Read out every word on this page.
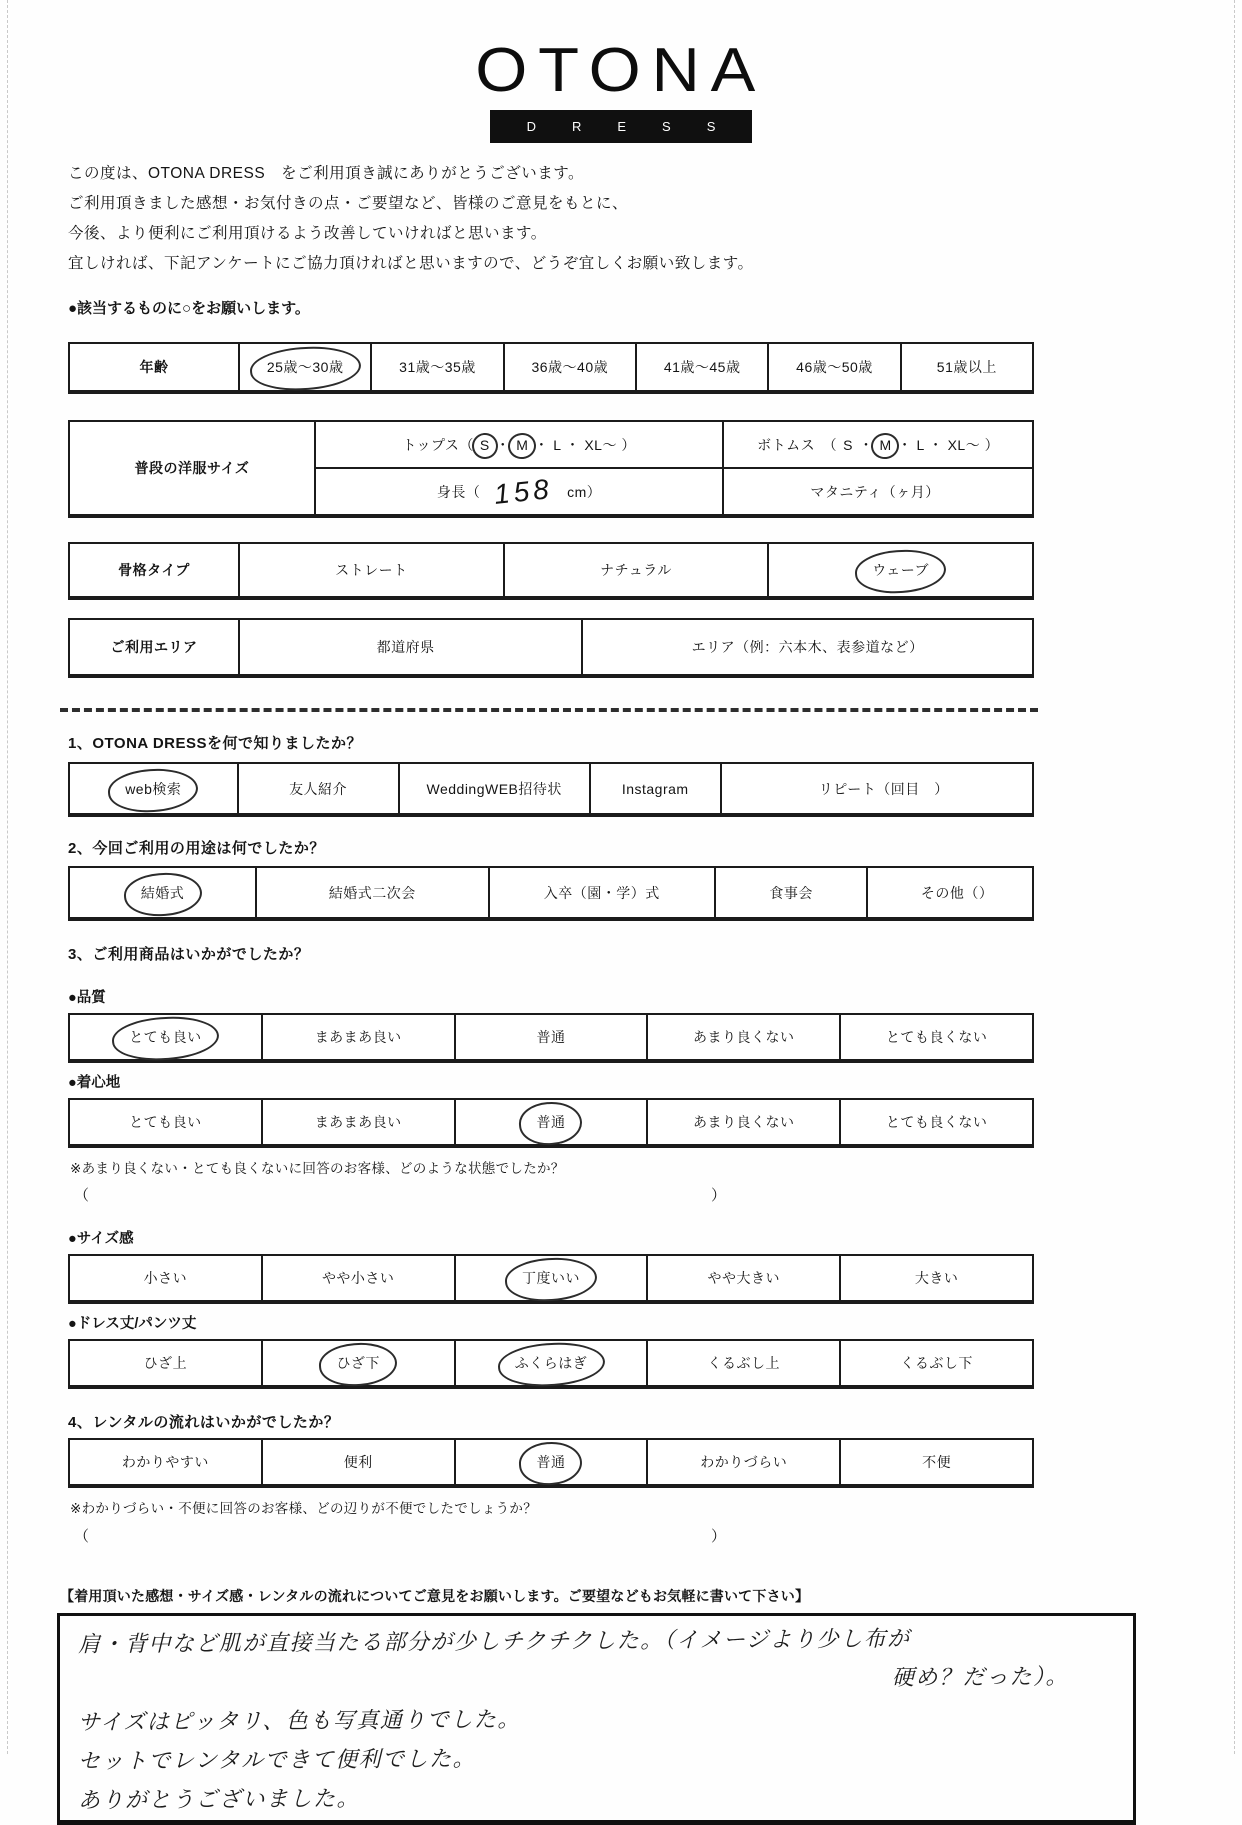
OTONA
DRESS

この度は、OTONA DRESS　をご利用頂き誠にありがとうございます。

ご利用頂きました感想・お気付きの点・ご要望など、皆様のご意見をもとに、

今後、より便利にご利用頂けるよう改善していければと思います。

宜しければ、下記アンケートにご協力頂ければと思いますので、どうぞ宜しくお願い致します。

●該当するものに○をお願いします。

年齢	25歳～30歳	31歳～35歳	36歳～40歳	41歳～45歳	46歳～50歳	51歳以上
普段の洋服サイズ
トップス（ S ・ M ・ L ・ XL～ ）	ボトムス　（ S ・ M ・ L ・ XL～ ）
身長（ 158 cm）	マタニティ（ ヶ月）
骨格タイプ	ストレート	ナチュラル	ウェーブ
ご利用エリア	都道府県	エリア（例：六本木、表参道など）

1、OTONA DRESSを何で知りましたか？

web検索	友人紹介	WeddingWEB招待状	Instagram	リピート（ 回目　）

2、今回ご利用の用途は何でしたか？

結婚式	結婚式二次会	入卒（園・学）式	食事会	その他（ ）

3、ご利用商品はいかがでしたか？

●品質

とても良い	まあまあ良い	普通	あまり良くない	とても良くない

●着心地

とても良い	まあまあ良い	普通	あまり良くない	とても良くない

※あまり良くない・とても良くないに回答のお客様、どのような状態でしたか？

（	）

●サイズ感

小さい	やや小さい	丁度いい	やや大きい	大きい

●ドレス丈/パンツ丈

ひざ上	ひざ下	ふくらはぎ	くるぶし上	くるぶし下

4、レンタルの流れはいかがでしたか？

わかりやすい	便利	普通	わかりづらい	不便

※わかりづらい・不便に回答のお客様、どの辺りが不便でしたでしょうか？

（	）

【着用頂いた感想・サイズ感・レンタルの流れについてご意見をお願いします。ご要望などもお気軽に書いて下さい】

肩・背中など肌が直接当たる部分が少しチクチクした。（イメージより少し布が

硬め？だった）。

サイズはピッタリ、色も写真通りでした。

セットでレンタルできて便利でした。

ありがとうございました。
